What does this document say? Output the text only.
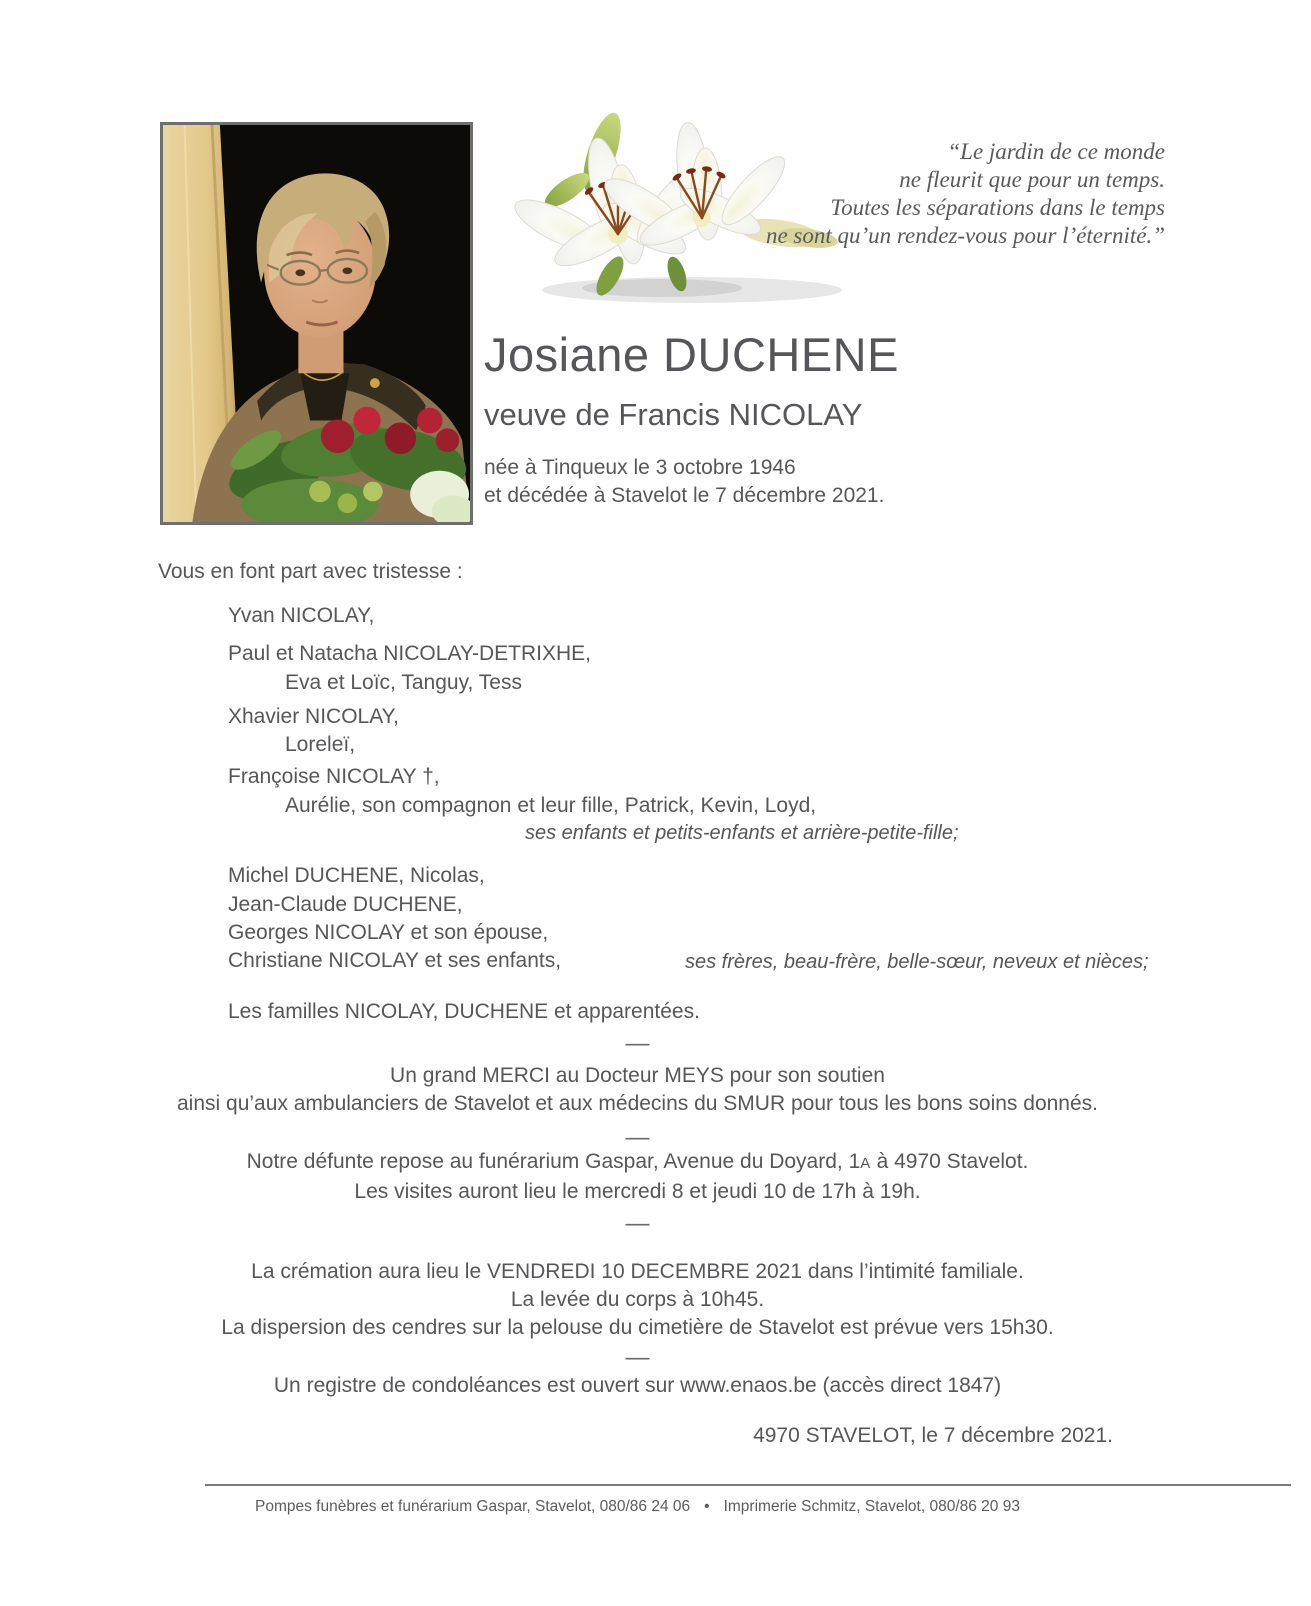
“Le jardin de ce monde
ne fleurit que pour un temps.
Toutes les séparations dans le temps
ne sont qu’un rendez-vous pour l’éternité.”
Josiane DUCHENE
veuve de Francis NICOLAY
née à Tinqueux le 3 octobre 1946
et décédée à Stavelot le 7 décembre 2021.
Vous en font part avec tristesse :
Yvan NICOLAY,
Paul et Natacha NICOLAY-DETRIXHE,
Eva et Loïc, Tanguy, Tess
Xhavier NICOLAY,
Loreleï,
Françoise NICOLAY †,
Aurélie, son compagnon et leur fille, Patrick, Kevin, Loyd,
ses enfants et petits-enfants et arrière-petite-fille;
Michel DUCHENE, Nicolas,
Jean-Claude DUCHENE,
Georges NICOLAY et son épouse,
Christiane NICOLAY et ses enfants,	ses frères, beau-frère, belle-sœur, neveux et nièces;
Les familles NICOLAY, DUCHENE et apparentées.
—
Un grand MERCI au Docteur MEYS pour son soutien
ainsi qu’aux ambulanciers de Stavelot et aux médecins du SMUR pour tous les bons soins donnés.
—
Notre défunte repose au funérarium Gaspar, Avenue du Doyard, 1A à 4970 Stavelot.
Les visites auront lieu le mercredi 8 et jeudi 10 de 17h à 19h.
—
La crémation aura lieu le VENDREDI 10 DECEMBRE 2021 dans l’intimité familiale.
La levée du corps à 10h45.
La dispersion des cendres sur la pelouse du cimetière de Stavelot est prévue vers 15h30.
—
Un registre de condoléances est ouvert sur www.enaos.be (accès direct 1847)
4970 STAVELOT, le 7 décembre 2021.
Pompes funèbres et funérarium Gaspar, Stavelot, 080/86 24 06 • Imprimerie Schmitz, Stavelot, 080/86 20 93
